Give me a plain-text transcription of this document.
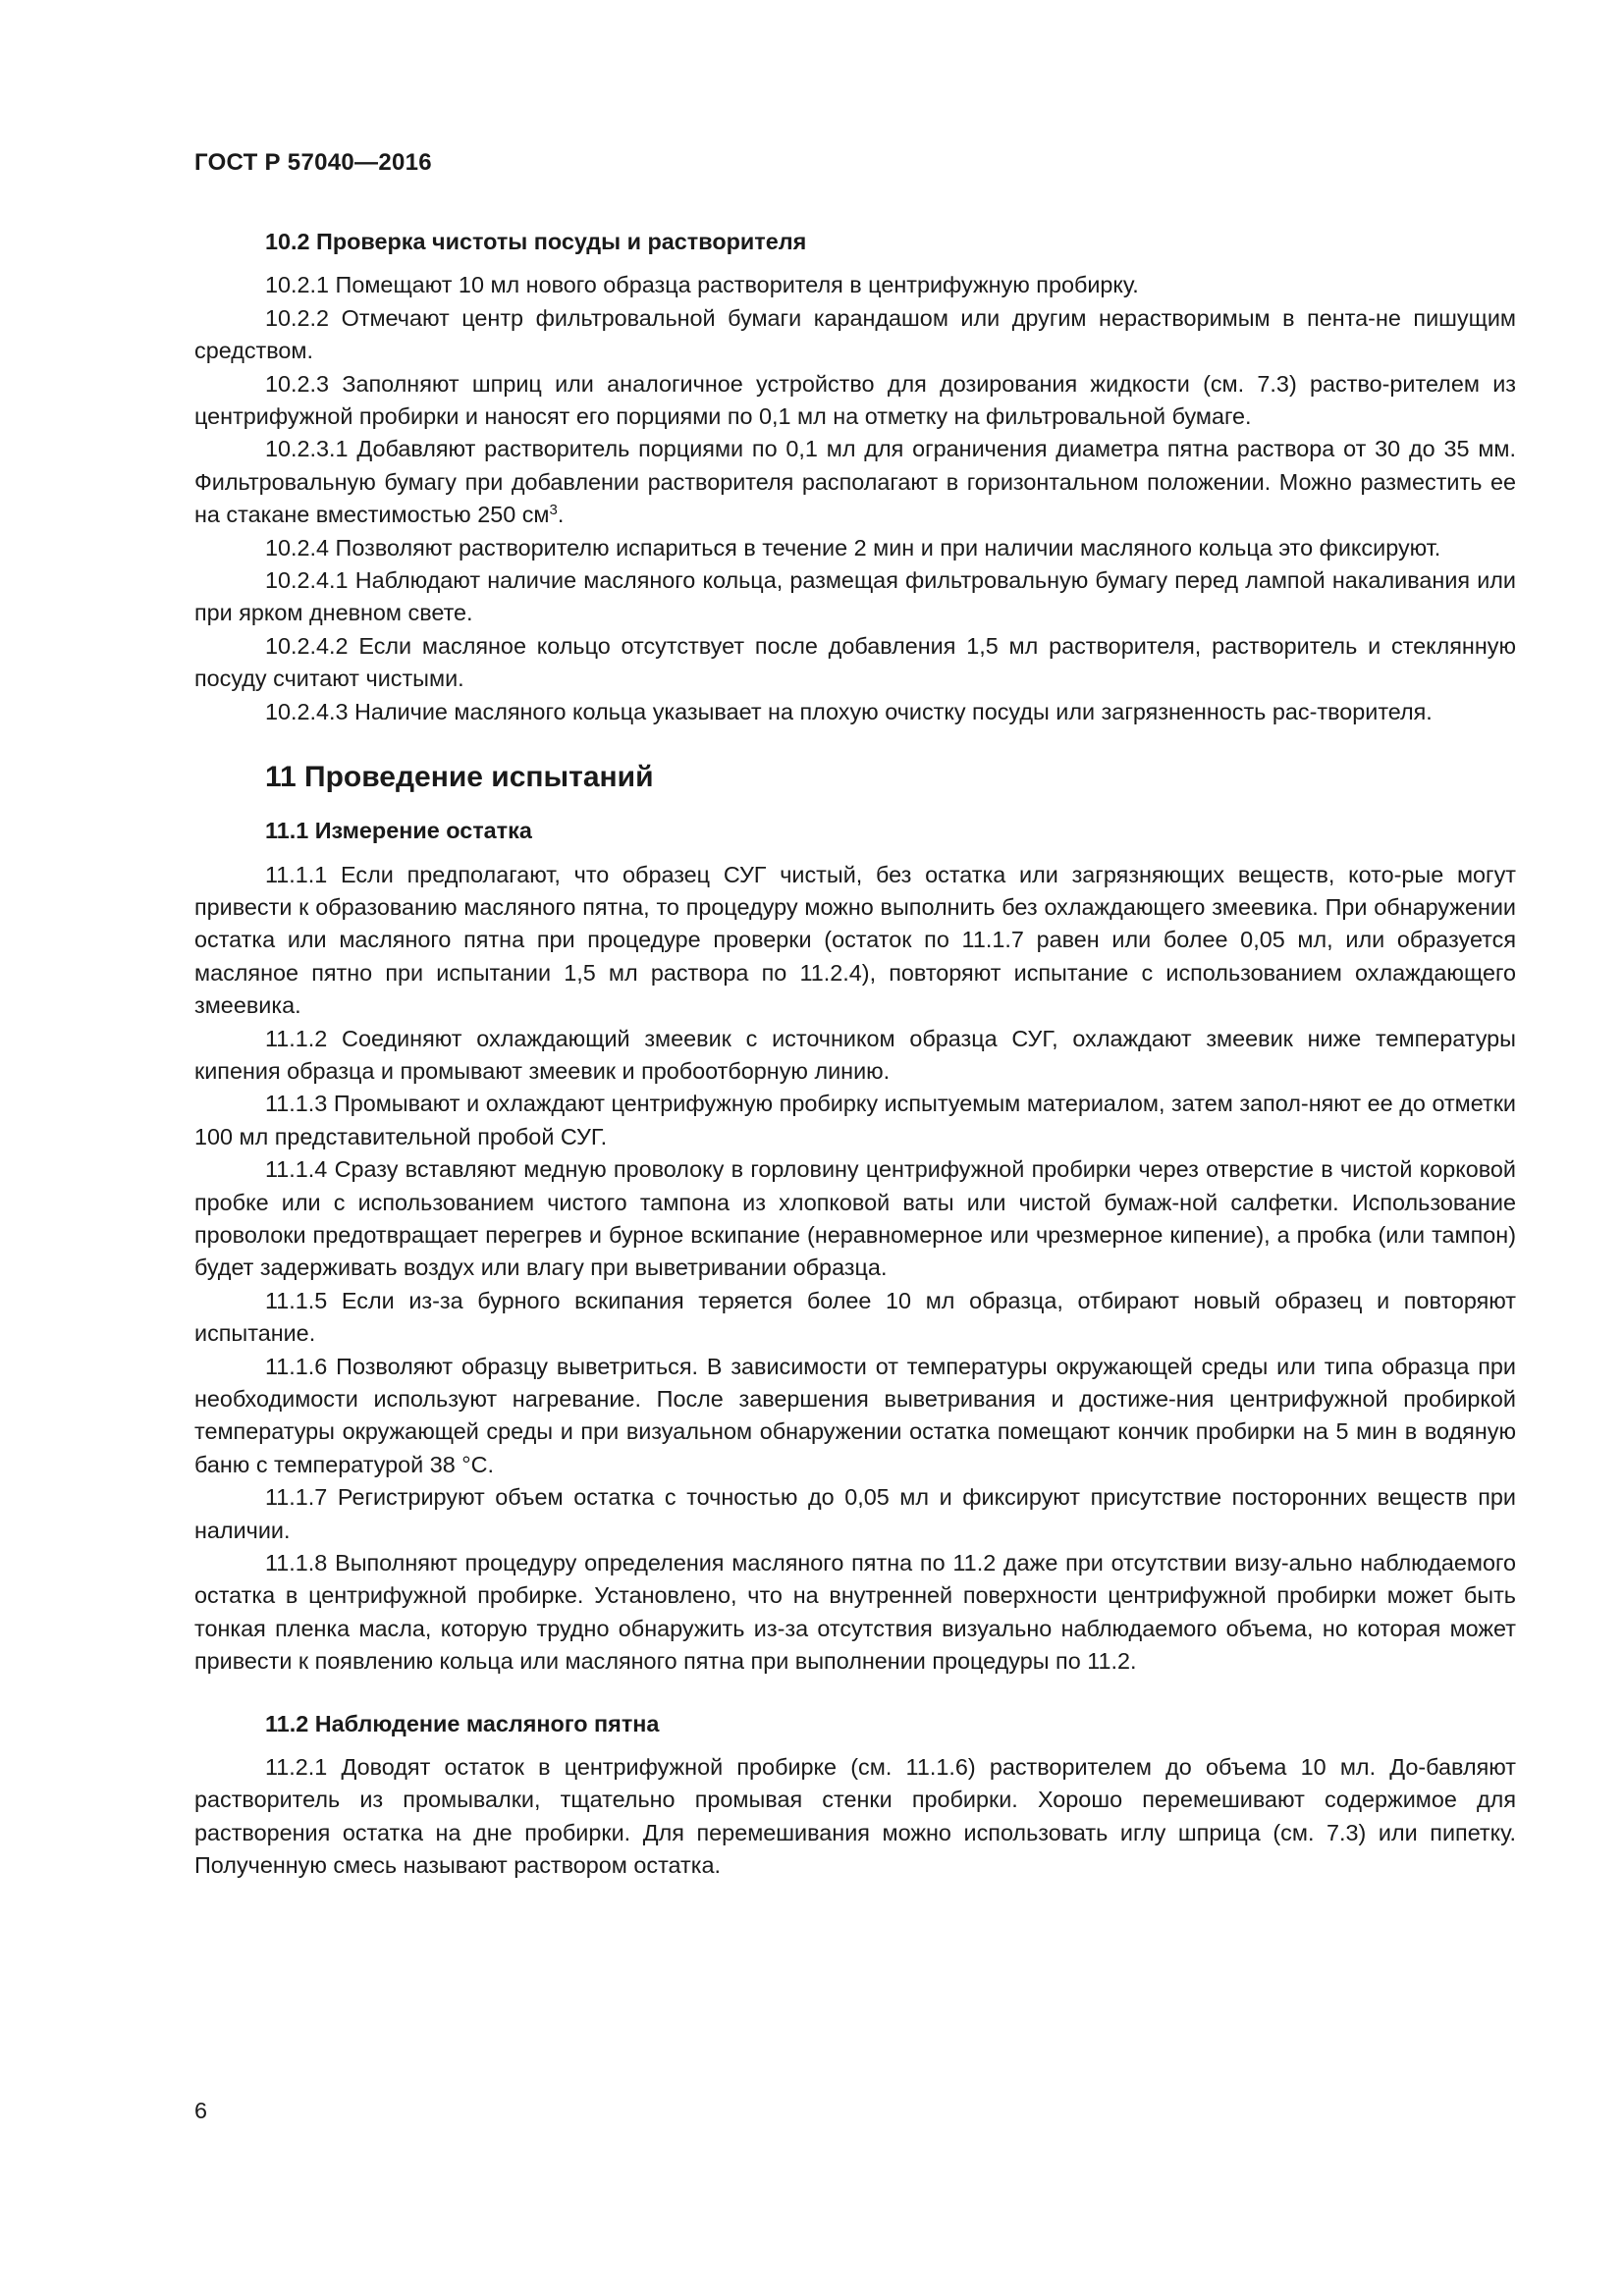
ГОСТ Р 57040—2016
10.2 Проверка чистоты посуды и растворителя

10.2.1 Помещают 10 мл нового образца растворителя в центрифужную пробирку.

10.2.2 Отмечают центр фильтровальной бумаги карандашом или другим нерастворимым в пента-не пишущим средством.

10.2.3 Заполняют шприц или аналогичное устройство для дозирования жидкости (см. 7.3) раство-рителем из центрифужной пробирки и наносят его порциями по 0,1 мл на отметку на фильтровальной бумаге.

10.2.3.1 Добавляют растворитель порциями по 0,1 мл для ограничения диаметра пятна раствора от 30 до 35 мм. Фильтровальную бумагу при добавлении растворителя располагают в горизонтальном положении. Можно разместить ее на стакане вместимостью 250 $см^3$.

10.2.4 Позволяют растворителю испариться в течение 2 мин и при наличии масляного кольца это фиксируют.

10.2.4.1 Наблюдают наличие масляного кольца, размещая фильтровальную бумагу перед лампой накаливания или при ярком дневном свете.

10.2.4.2 Если масляное кольцо отсутствует после добавления 1,5 мл растворителя, растворитель и стеклянную посуду считают чистыми.

10.2.4.3 Наличие масляного кольца указывает на плохую очистку посуды или загрязненность рас-творителя.

11 Проведение испытаний
11.1 Измерение остатка

11.1.1 Если предполагают, что образец СУГ чистый, без остатка или загрязняющих веществ, кото-рые могут привести к образованию масляного пятна, то процедуру можно выполнить без охлаждающего змеевика. При обнаружении остатка или масляного пятна при процедуре проверки (остаток по 11.1.7 равен или более 0,05 мл, или образуется масляное пятно при испытании 1,5 мл раствора по 11.2.4), повторяют испытание с использованием охлаждающего змеевика.

11.1.2 Соединяют охлаждающий змеевик с источником образца СУГ, охлаждают змеевик ниже температуры кипения образца и промывают змеевик и пробоотборную линию.

11.1.3 Промывают и охлаждают центрифужную пробирку испытуемым материалом, затем запол-няют ее до отметки 100 мл представительной пробой СУГ.

11.1.4 Сразу вставляют медную проволоку в горловину центрифужной пробирки через отверстие в чистой корковой пробке или с использованием чистого тампона из хлопковой ваты или чистой бумаж-ной салфетки. Использование проволоки предотвращает перегрев и бурное вскипание (неравномерное или чрезмерное кипение), а пробка (или тампон) будет задерживать воздух или влагу при выветривании образца.

11.1.5 Если из-за бурного вскипания теряется более 10 мл образца, отбирают новый образец и повторяют испытание.

11.1.6 Позволяют образцу выветриться. В зависимости от температуры окружающей среды или типа образца при необходимости используют нагревание. После завершения выветривания и достиже-ния центрифужной пробиркой температуры окружающей среды и при визуальном обнаружении остатка помещают кончик пробирки на 5 мин в водяную баню с температурой 38 °С.

11.1.7 Регистрируют объем остатка с точностью до 0,05 мл и фиксируют присутствие посторонних веществ при наличии.

11.1.8 Выполняют процедуру определения масляного пятна по 11.2 даже при отсутствии визу-ально наблюдаемого остатка в центрифужной пробирке. Установлено, что на внутренней поверхности центрифужной пробирки может быть тонкая пленка масла, которую трудно обнаружить из-за отсутствия визуально наблюдаемого объема, но которая может привести к появлению кольца или масляного пятна при выполнении процедуры по 11.2.

11.2 Наблюдение масляного пятна

11.2.1 Доводят остаток в центрифужной пробирке (см. 11.1.6) растворителем до объема 10 мл. До-бавляют растворитель из промывалки, тщательно промывая стенки пробирки. Хорошо перемешивают содержимое для растворения остатка на дне пробирки. Для перемешивания можно использовать иглу шприца (см. 7.3) или пипетку. Полученную смесь называют раствором остатка.

6
